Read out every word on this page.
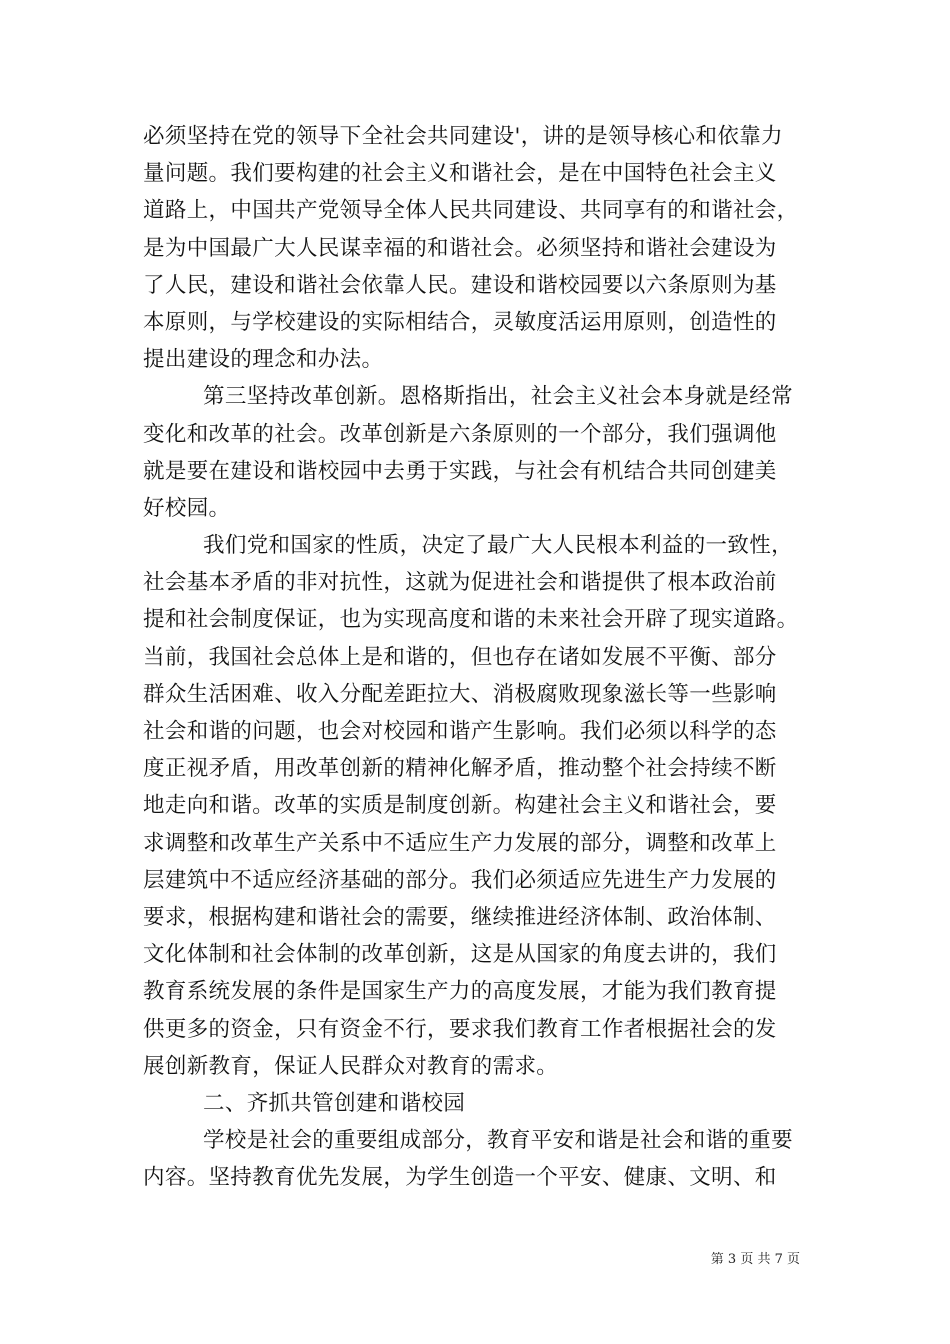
必须坚持在党的领导下全社会共同建设'，讲的是领导核心和依靠力
量问题。我们要构建的社会主义和谐社会，是在中国特色社会主义
道路上，中国共产党领导全体人民共同建设、共同享有的和谐社会，
是为中国最广大人民谋幸福的和谐社会。必须坚持和谐社会建设为
了人民，建设和谐社会依靠人民。建设和谐校园要以六条原则为基
本原则，与学校建设的实际相结合，灵敏度活运用原则，创造性的
提出建设的理念和办法。
第三坚持改革创新。恩格斯指出，社会主义社会本身就是经常
变化和改革的社会。改革创新是六条原则的一个部分，我们强调他
就是要在建设和谐校园中去勇于实践，与社会有机结合共同创建美
好校园。
我们党和国家的性质，决定了最广大人民根本利益的一致性，
社会基本矛盾的非对抗性，这就为促进社会和谐提供了根本政治前
提和社会制度保证，也为实现高度和谐的未来社会开辟了现实道路。
当前，我国社会总体上是和谐的，但也存在诸如发展不平衡、部分
群众生活困难、收入分配差距拉大、消极腐败现象滋长等一些影响
社会和谐的问题，也会对校园和谐产生影响。我们必须以科学的态
度正视矛盾，用改革创新的精神化解矛盾，推动整个社会持续不断
地走向和谐。改革的实质是制度创新。构建社会主义和谐社会，要
求调整和改革生产关系中不适应生产力发展的部分，调整和改革上
层建筑中不适应经济基础的部分。我们必须适应先进生产力发展的
要求，根据构建和谐社会的需要，继续推进经济体制、政治体制、
文化体制和社会体制的改革创新，这是从国家的角度去讲的，我们
教育系统发展的条件是国家生产力的高度发展，才能为我们教育提
供更多的资金，只有资金不行，要求我们教育工作者根据社会的发
展创新教育，保证人民群众对教育的需求。
二、齐抓共管创建和谐校园
学校是社会的重要组成部分，教育平安和谐是社会和谐的重要
内容。坚持教育优先发展，为学生创造一个平安、健康、文明、和
第 3 页 共 7 页
